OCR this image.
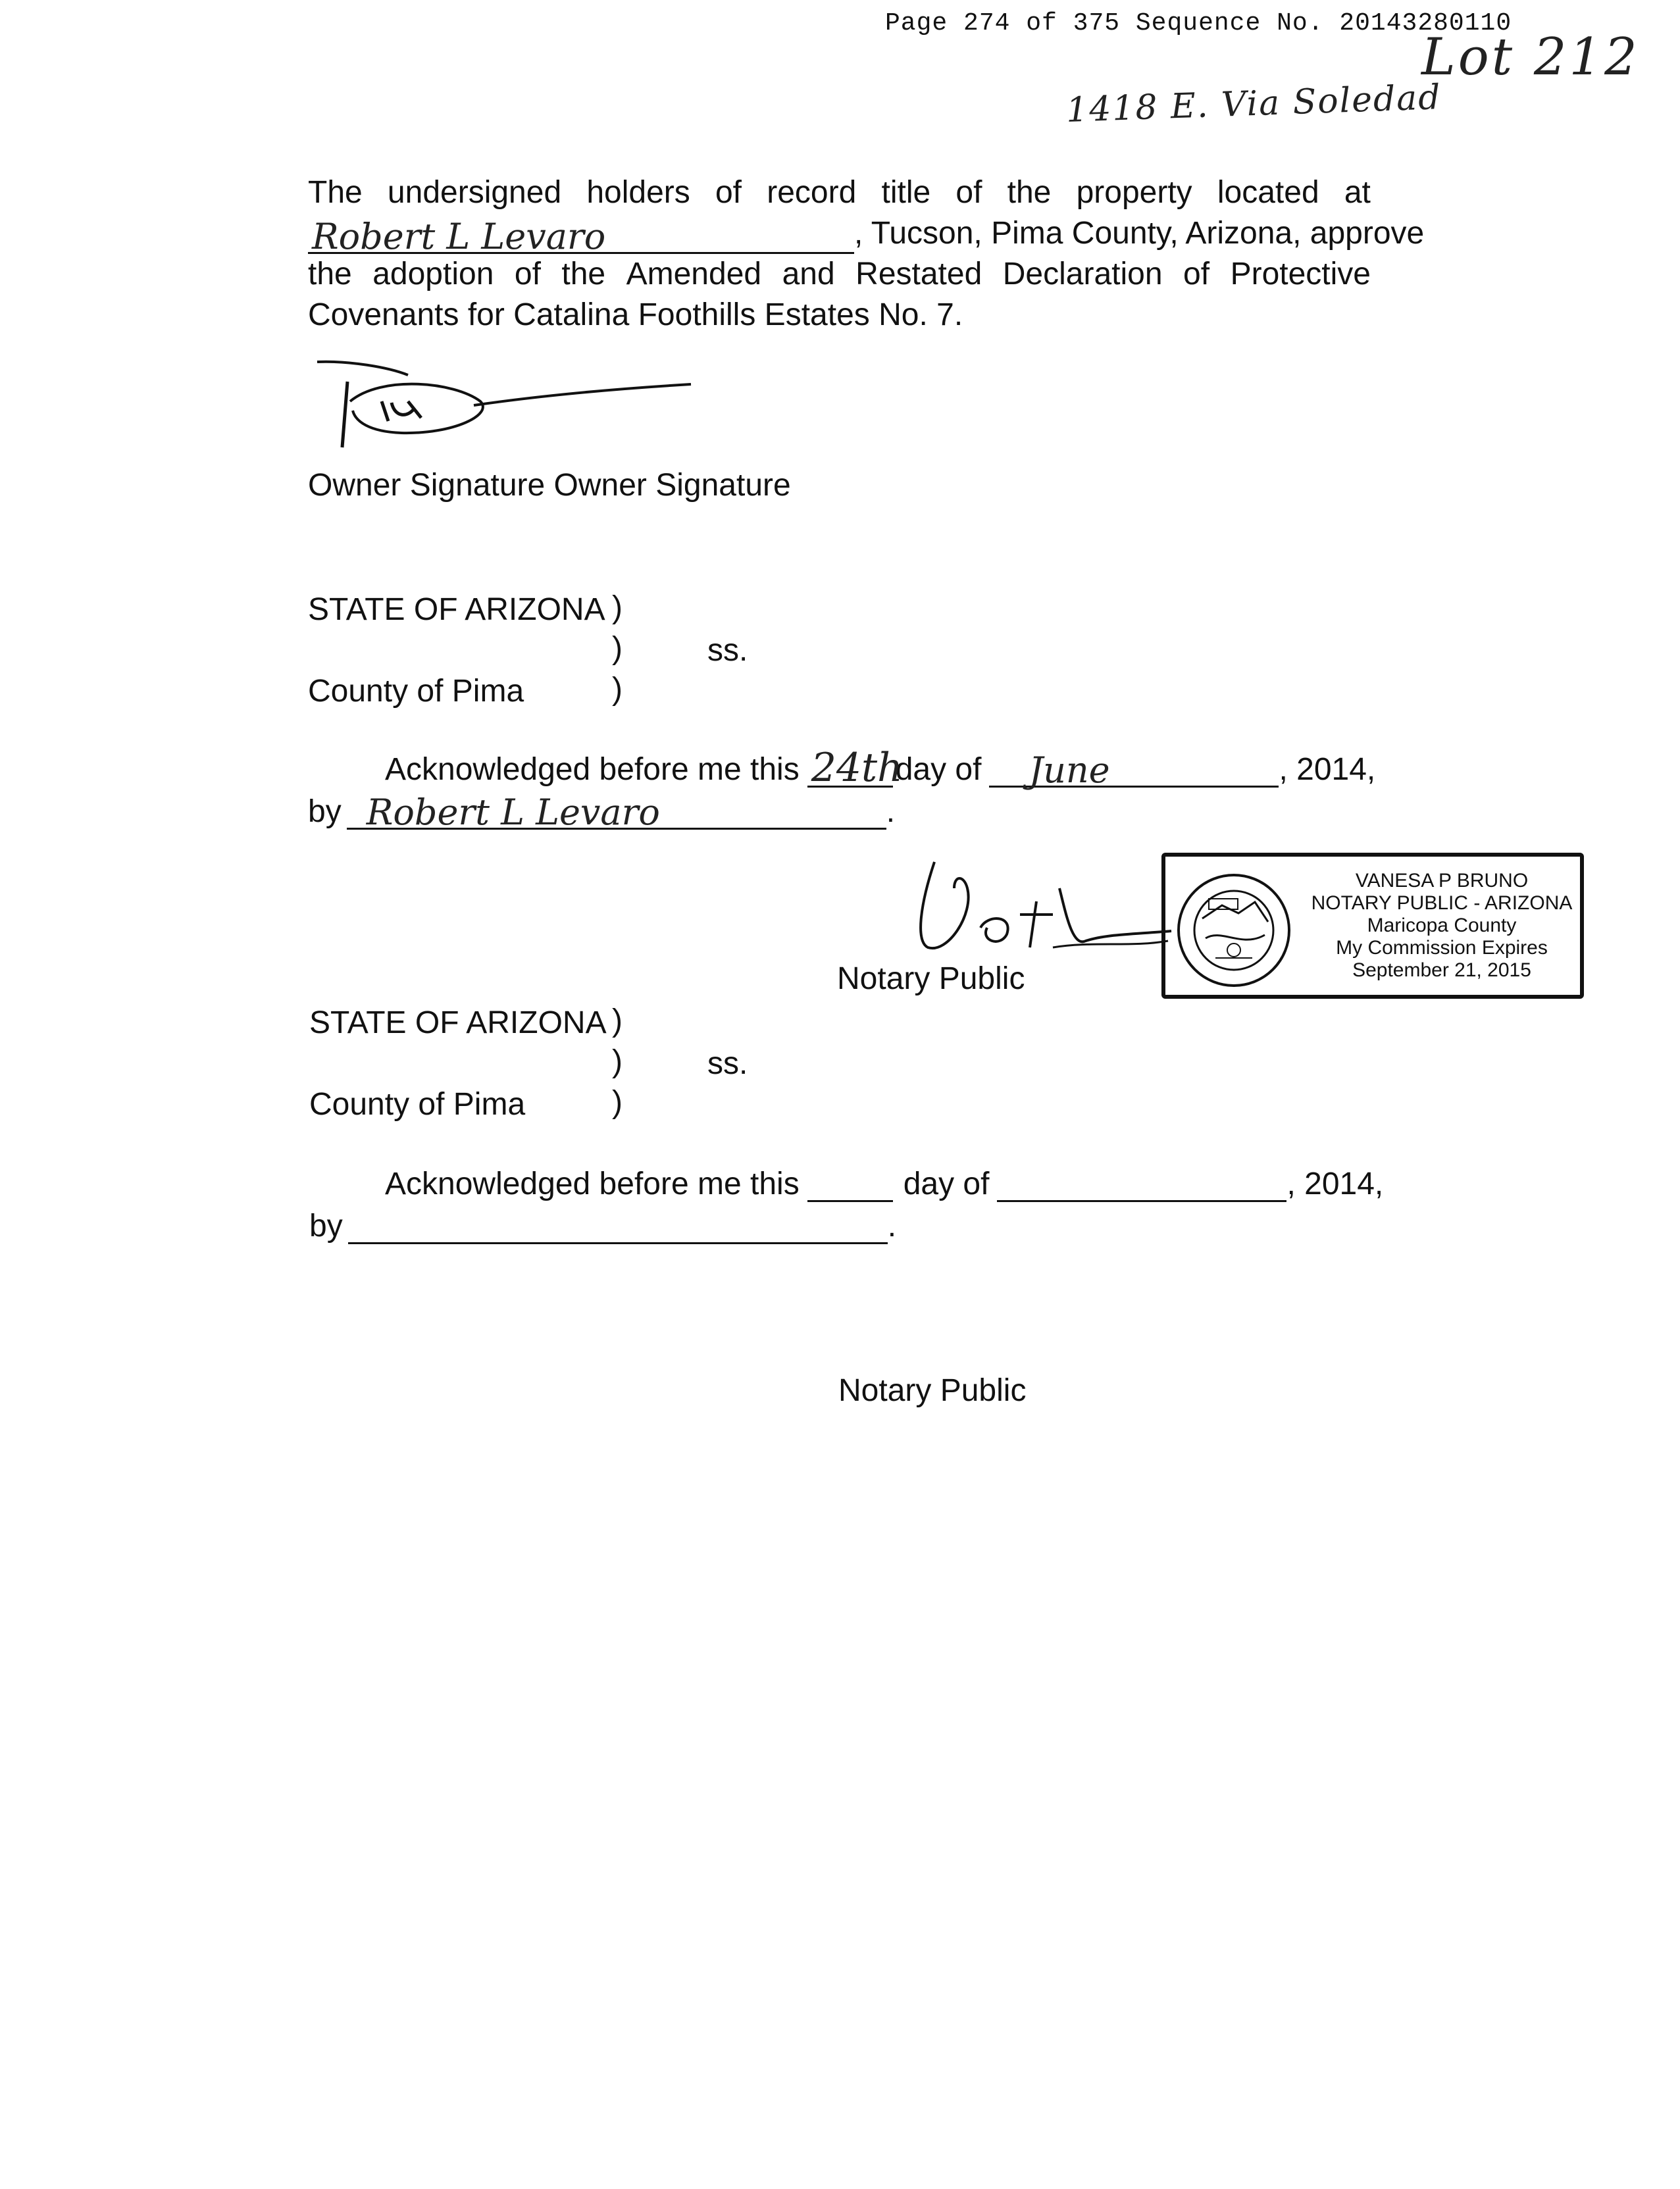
Page 274 of 375 Sequence No. 20143280110
Lot 212
1418 E. Via Soledad
The undersigned holders of record title of the property located at
Robert L Levaro	, Tucson, Pima County, Arizona, approve
the adoption of the Amended and Restated Declaration of Protective
Covenants for Catalina Foothills Estates No. 7.
Owner Signature Owner Signature
STATE OF ARIZONA )
)	ss.
County of Pima	)
Acknowledged before me this 24th
day of June	, 2014,
by Robert L Levaro	.
Notary Public
VANESA P BRUNO
NOTARY PUBLIC - ARIZONA
Maricopa County
My Commission Expires
September 21, 2015
STATE OF ARIZONA )
)	ss.
County of Pima	)
Acknowledged before me this	day of	, 2014,
by	.
Notary Public
